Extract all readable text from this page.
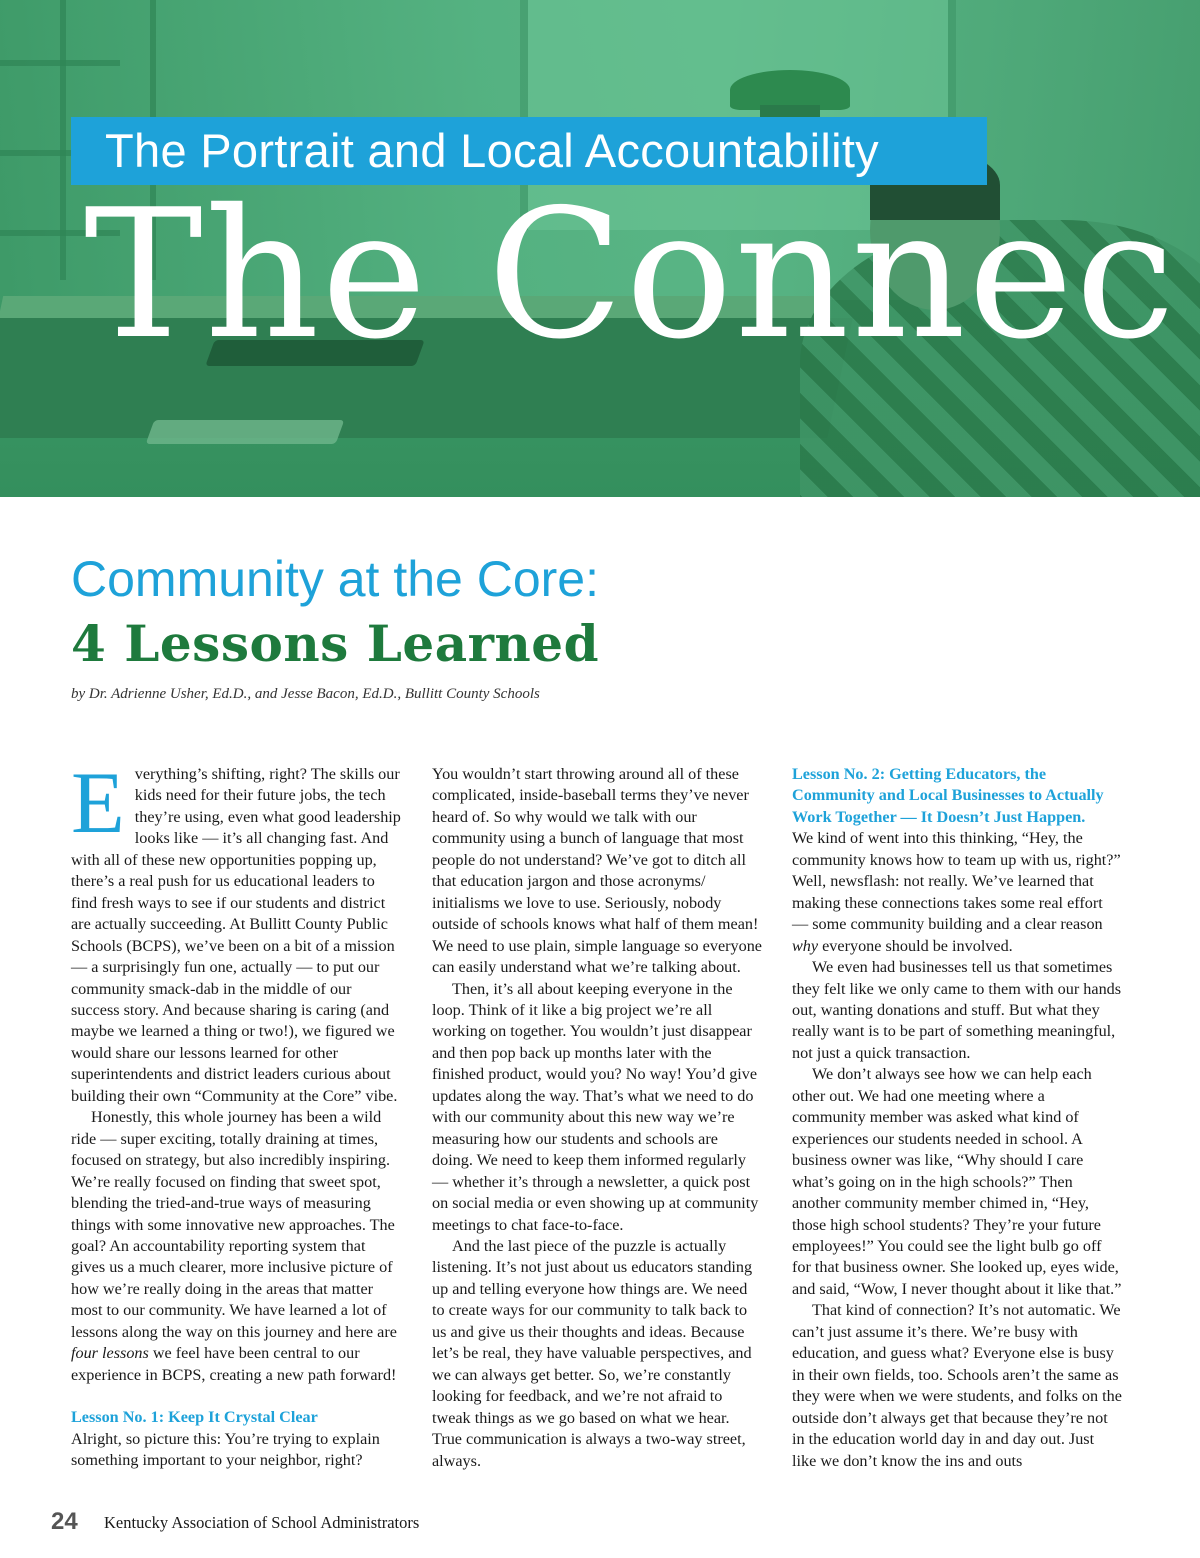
The Portrait and Local Accountability
The Connec
Community at the Core:
4 Lessons Learned
by Dr. Adrienne Usher, Ed.D., and Jesse Bacon, Ed.D., Bullitt County Schools

Everything’s shifting, right? The skills our kids need for their future jobs, the tech they’re using, even what good leadership looks like — it’s all changing fast. And with all of these new opportunities popping up, there’s a real push for us educational leaders to find fresh ways to see if our students and district are actually succeeding. At Bullitt County Public Schools (BCPS), we’ve been on a bit of a mission — a surprisingly fun one, actually — to put our community smack-dab in the middle of our success story. And because sharing is caring (and maybe we learned a thing or two!), we figured we would share our lessons learned for other superintendents and district leaders curious about building their own “Community at the Core” vibe.

Honestly, this whole journey has been a wild ride — super exciting, totally draining at times, focused on strategy, but also incredibly inspiring. We’re really focused on finding that sweet spot, blending the tried-and-true ways of measuring things with some innovative new approaches. The goal? An accountability reporting system that gives us a much clearer, more inclusive picture of how we’re really doing in the areas that matter most to our community. We have learned a lot of lessons along the way on this journey and here are four lessons we feel have been central to our experience in BCPS, creating a new path forward!

Lesson No. 1: Keep It Crystal Clear

Alright, so picture this: You’re trying to explain something important to your neighbor, right?

You wouldn’t start throwing around all of these complicated, inside-baseball terms they’ve never heard of. So why would we talk with our community using a bunch of language that most people do not understand? We’ve got to ditch all that education jargon and those acronyms/ initialisms we love to use. Seriously, nobody outside of schools knows what half of them mean! We need to use plain, simple language so everyone can easily understand what we’re talking about.

Then, it’s all about keeping everyone in the loop. Think of it like a big project we’re all working on together. You wouldn’t just disappear and then pop back up months later with the finished product, would you? No way! You’d give updates along the way. That’s what we need to do with our community about this new way we’re measuring how our students and schools are doing. We need to keep them informed regularly — whether it’s through a newsletter, a quick post on social media or even showing up at community meetings to chat face-to-face.

And the last piece of the puzzle is actually listening. It’s not just about us educators standing up and telling everyone how things are. We need to create ways for our community to talk back to us and give us their thoughts and ideas. Because let’s be real, they have valuable perspectives, and we can always get better. So, we’re constantly looking for feedback, and we’re not afraid to tweak things as we go based on what we hear. True communication is always a two-way street, always.

Lesson No. 2: Getting Educators, the Community and Local Businesses to Actually Work Together — It Doesn’t Just Happen.

We kind of went into this thinking, “Hey, the community knows how to team up with us, right?” Well, newsflash: not really. We’ve learned that making these connections takes some real effort — some community building and a clear reason why everyone should be involved.

We even had businesses tell us that sometimes they felt like we only came to them with our hands out, wanting donations and stuff. But what they really want is to be part of something meaningful, not just a quick transaction.

We don’t always see how we can help each other out. We had one meeting where a community member was asked what kind of experiences our students needed in school. A business owner was like, “Why should I care what’s going on in the high schools?” Then another community member chimed in, “Hey, those high school students? They’re your future employees!” You could see the light bulb go off for that business owner. She looked up, eyes wide, and said, “Wow, I never thought about it like that.”

That kind of connection? It’s not automatic. We can’t just assume it’s there. We’re busy with education, and guess what? Everyone else is busy in their own fields, too. Schools aren’t the same as they were when we were students, and folks on the outside don’t always get that because they’re not in the education world day in and day out. Just like we don’t know the ins and outs

24 Kentucky Association of School Administrators
